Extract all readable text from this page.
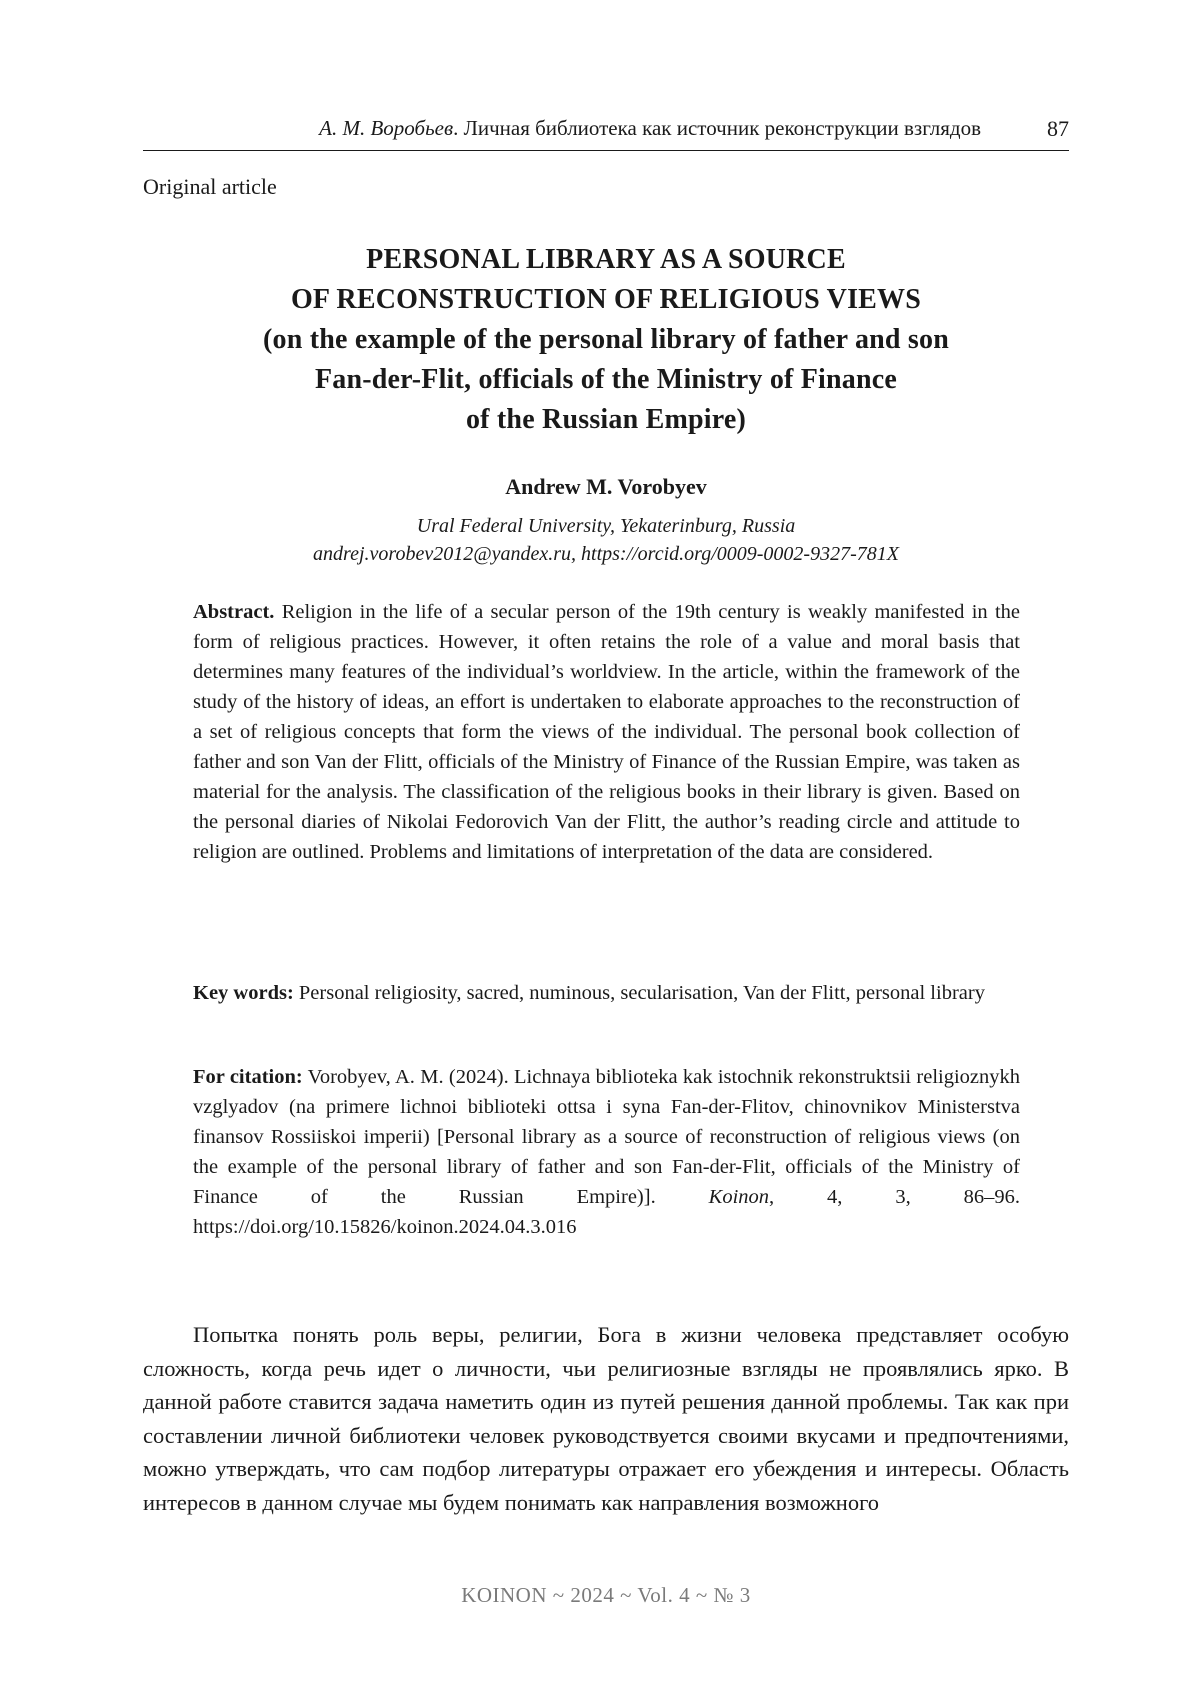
А. М. Воробьев. Личная библиотека как источник реконструкции взглядов	87
Original article
PERSONAL LIBRARY AS A SOURCE
OF RECONSTRUCTION OF RELIGIOUS VIEWS
(on the example of the personal library of father and son
Fan-der-Flit, officials of the Ministry of Finance
of the Russian Empire)
Andrew M. Vorobyev
Ural Federal University, Yekaterinburg, Russia
andrej.vorobev2012@yandex.ru, https://orcid.org/0009-0002-9327-781X
Abstract. Religion in the life of a secular person of the 19th century is weakly manifested in the form of religious practices. However, it often retains the role of a value and moral basis that determines many features of the individual’s worldview. In the article, within the framework of the study of the history of ideas, an effort is undertaken to elaborate approaches to the reconstruction of a set of religious concepts that form the views of the individual. The personal book collection of father and son Van der Flitt, officials of the Ministry of Finance of the Russian Empire, was taken as material for the analysis. The classification of the religious books in their library is given. Based on the personal diaries of Nikolai Fedorovich Van der Flitt, the author’s reading circle and attitude to religion are outlined. Problems and limitations of interpretation of the data are considered.
Key words: Personal religiosity, sacred, numinous, secularisation, Van der Flitt, personal library
For citation: Vorobyev, A. M. (2024). Lichnaya biblioteka kak istochnik rekonstruktsii religioznykh vzglyadov (na primere lichnoi biblioteki ottsa i syna Fan-der-Flitov, chinovnikov Ministerstva finansov Rossiiskoi imperii) [Personal library as a source of reconstruction of religious views (on the example of the personal library of father and son Fan-der-Flit, officials of the Ministry of Finance of the Russian Empire)].	Koinon, 4, 3, 86–96. https://doi.org/10.15826/koinon.2024.04.3.016
Попытка понять роль веры, религии, Бога в жизни человека представляет особую сложность, когда речь идет о личности, чьи религиозные взгляды не проявлялись ярко. В данной работе ставится задача наметить один из путей решения данной проблемы. Так как при составлении личной библиотеки человек руководствуется своими вкусами и предпочтениями, можно утверждать, что сам подбор литературы отражает его убеждения и интересы. Область интересов в данном случае мы будем понимать как направления возможного
KOINON ~ 2024 ~ Vol. 4 ~ № 3
